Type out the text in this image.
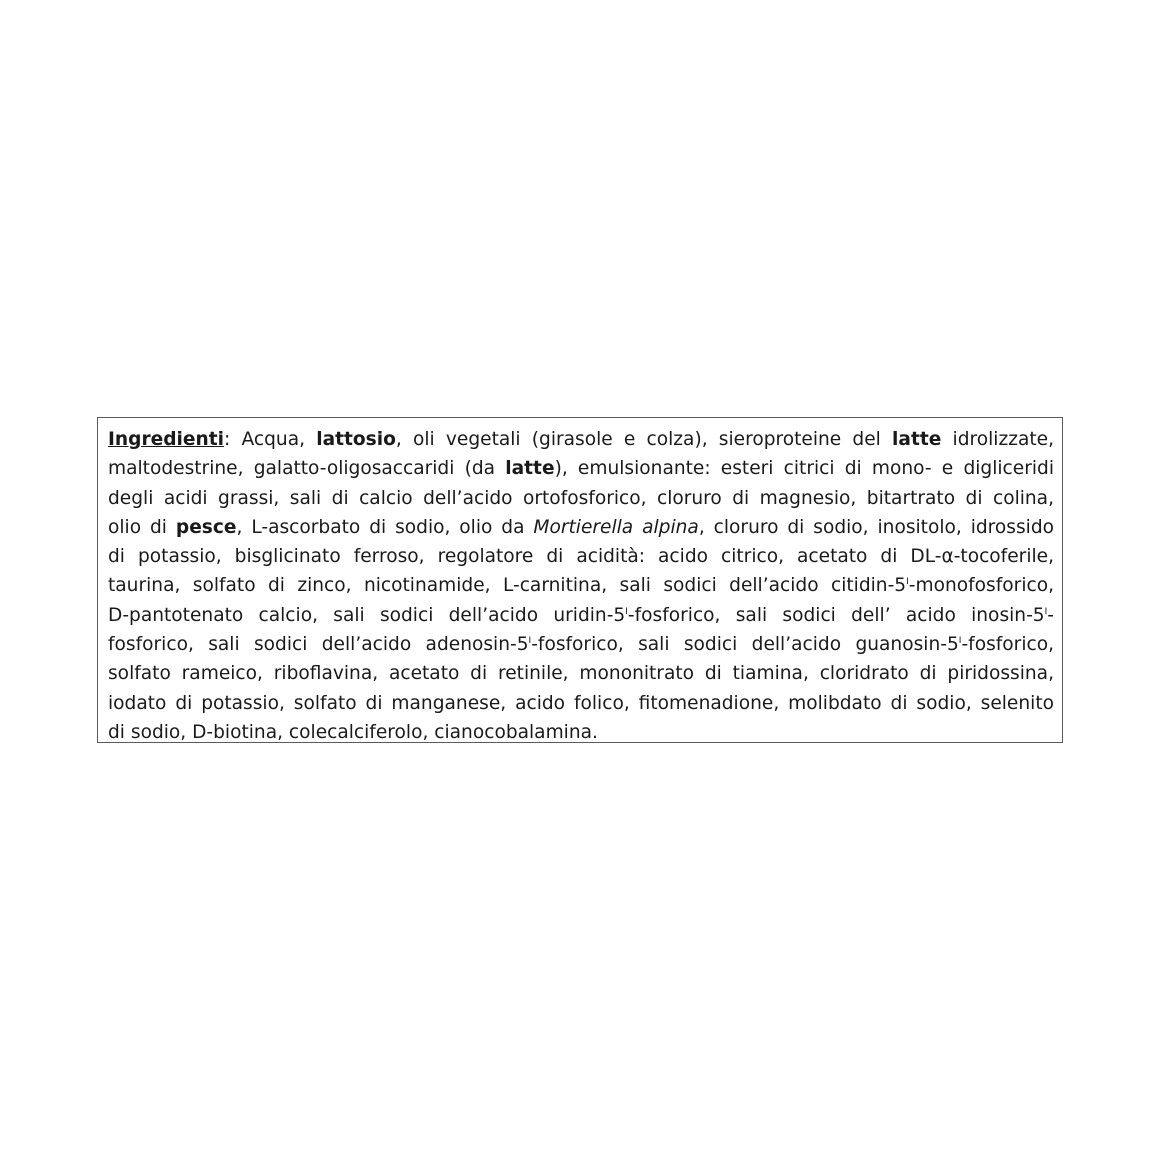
Ingredienti: Acqua, lattosio, oli vegetali (girasole e colza), sieroproteine del latte idrolizzate,
maltodestrine, galatto-oligosaccaridi (da latte), emulsionante: esteri citrici di mono- e digliceridi
degli acidi grassi, sali di calcio dell’acido ortofosforico, cloruro di magnesio, bitartrato di colina,
olio di pesce, L-ascorbato di sodio, olio da Mortierella alpina, cloruro di sodio, inositolo, idrossido
di potassio, bisglicinato ferroso, regolatore di acidità: acido citrico, acetato di DL-α-tocoferile,
taurina, solfato di zinco, nicotinamide, L-carnitina, sali sodici dell’acido citidin-$5^I$-monofosforico,
D-pantotenato calcio, sali sodici dell’acido uridin-$5^I$-fosforico, sali sodici dell’ acido inosin-$5^I-$
fosforico, sali sodici dell’acido adenosin-$5^I$-fosforico, sali sodici dell’acido guanosin-$5^I$-fosforico,
solfato rameico, riboflavina, acetato di retinile, mononitrato di tiamina, cloridrato di piridossina,
iodato di potassio, solfato di manganese, acido folico, fitomenadione, molibdato di sodio, selenito
di sodio, D-biotina, colecalciferolo, cianocobalamina.
